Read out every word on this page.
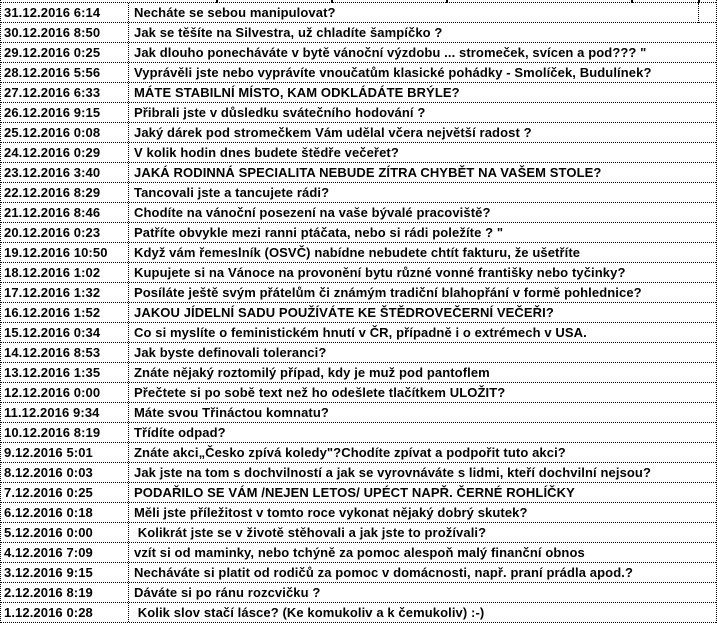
31.12.2016 6:14	Necháte se sebou manipulovat?
30.12.2016 8:50	Jak se těšíte na Silvestra, už chladíte šampíčko ?
29.12.2016 0:25	Jak dlouho ponecháváte v bytě vánoční výzdobu ... stromeček, svícen a pod??? "
28.12.2016 5:56	Vyprávěli jste nebo vyprávíte vnoučatům klasické pohádky - Smolíček, Budulínek?
27.12.2016 6:33	MÁTE STABILNÍ MÍSTO, KAM ODKLÁDÁTE BRÝLE?
26.12.2016 9:15	Přibrali jste v důsledku svátečního hodování ?
25.12.2016 0:08	Jaký dárek pod stromečkem Vám udělal včera největší radost ?
24.12.2016 0:29	V kolik hodin dnes budete štědře večeřet?
23.12.2016 3:40	JAKÁ RODINNÁ SPECIALITA NEBUDE ZÍTRA CHYBĚT NA VAŠEM STOLE?
22.12.2016 8:29	Tancovali jste a tancujete rádi?
21.12.2016 8:46	Chodíte na vánoční posezení na vaše bývalé pracoviště?
20.12.2016 0:23	Patříte obvykle mezi ranni ptáčata, nebo si rádi poležíte ? "
19.12.2016 10:50	Když vám řemeslník (OSVČ) nabídne nebudete chtít fakturu, že ušetříte
18.12.2016 1:02	Kupujete si na Vánoce na provonění bytu různé vonné františky nebo tyčinky?
17.12.2016 1:32	Posíláte ještě svým přátelům či známým tradiční blahopřání v formě pohlednice?
16.12.2016 1:52	JAKOU JÍDELNÍ SADU POUŽÍVÁTE KE ŠTĚDROVEČERNÍ VEČEŘI?
15.12.2016 0:34	Co si myslíte o feministickém hnutí v ČR, případně i o extrémech v USA.
14.12.2016 8:53	Jak byste definovali toleranci?
13.12.2016 1:35	Znáte nějaký roztomilý případ, kdy je muž pod pantoflem
12.12.2016 0:00	Přečtete si po sobě text než ho odešlete tlačítkem ULOŽIT?
11.12.2016 9:34	Máte svou Třináctou komnatu?
10.12.2016 8:19	Třídíte odpad?
9.12.2016 5:01	Znáte akci„Česko zpívá koledy"?Chodíte zpívat a podpořit tuto akci?
8.12.2016 0:03	Jak jste na tom s dochvilností a jak se vyrovnáváte s lidmi, kteří dochvilní nejsou?
7.12.2016 0:25	PODAŘILO SE VÁM /NEJEN LETOS/ UPÉCT NAPŘ. ČERNÉ ROHLÍČKY
6.12.2016 0:18	Měli jste příležitost v tomto roce vykonat nějaký dobrý skutek?
5.12.2016 0:00	Kolikrát jste se v životě stěhovali a jak jste to prožívali?
4.12.2016 7:09	vzít si od maminky, nebo tchýně za pomoc alespoň malý finanční obnos
3.12.2016 9:15	Necháváte si platit od rodičů za pomoc v domácnosti, např. praní prádla apod.?
2.12.2016 8:19	Dáváte si po ránu rozcvičku ?
1.12.2016 0:28	Kolik slov stačí lásce? (Ke komukoliv a k čemukoliv) :-)
